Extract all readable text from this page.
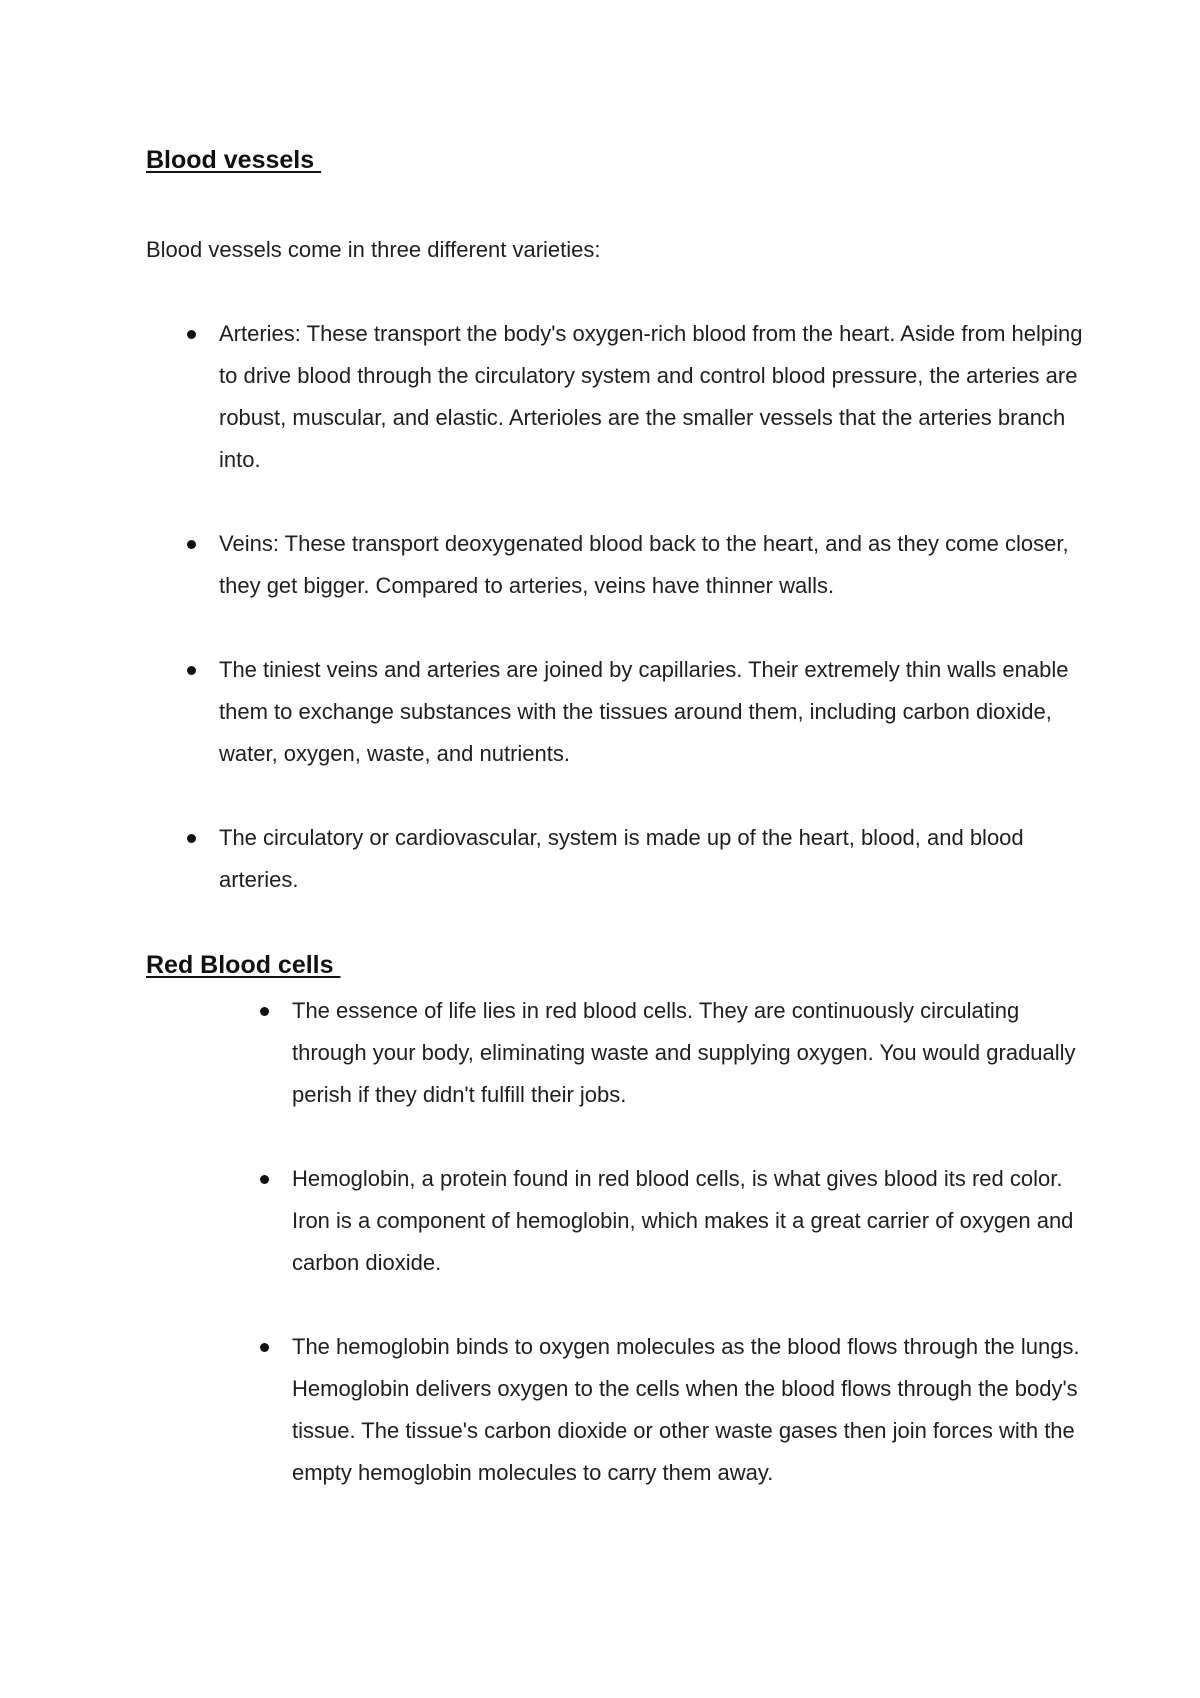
Blood vessels

Blood vessels come in three different varieties:

Arteries: These transport the body's oxygen-rich blood from the heart. Aside from helping to drive blood through the circulatory system and control blood pressure, the arteries are robust, muscular, and elastic. Arterioles are the smaller vessels that the arteries branch into.
Veins: These transport deoxygenated blood back to the heart, and as they come closer, they get bigger. Compared to arteries, veins have thinner walls.
The tiniest veins and arteries are joined by capillaries. Their extremely thin walls enable them to exchange substances with the tissues around them, including carbon dioxide, water, oxygen, waste, and nutrients.
The circulatory or cardiovascular, system is made up of the heart, blood, and blood arteries.
Red Blood cells
The essence of life lies in red blood cells. They are continuously circulating through your body, eliminating waste and supplying oxygen. You would gradually perish if they didn't fulfill their jobs.
Hemoglobin, a protein found in red blood cells, is what gives blood its red color. Iron is a component of hemoglobin, which makes it a great carrier of oxygen and carbon dioxide.
The hemoglobin binds to oxygen molecules as the blood flows through the lungs. Hemoglobin delivers oxygen to the cells when the blood flows through the body's tissue. The tissue's carbon dioxide or other waste gases then join forces with the empty hemoglobin molecules to carry them away.
